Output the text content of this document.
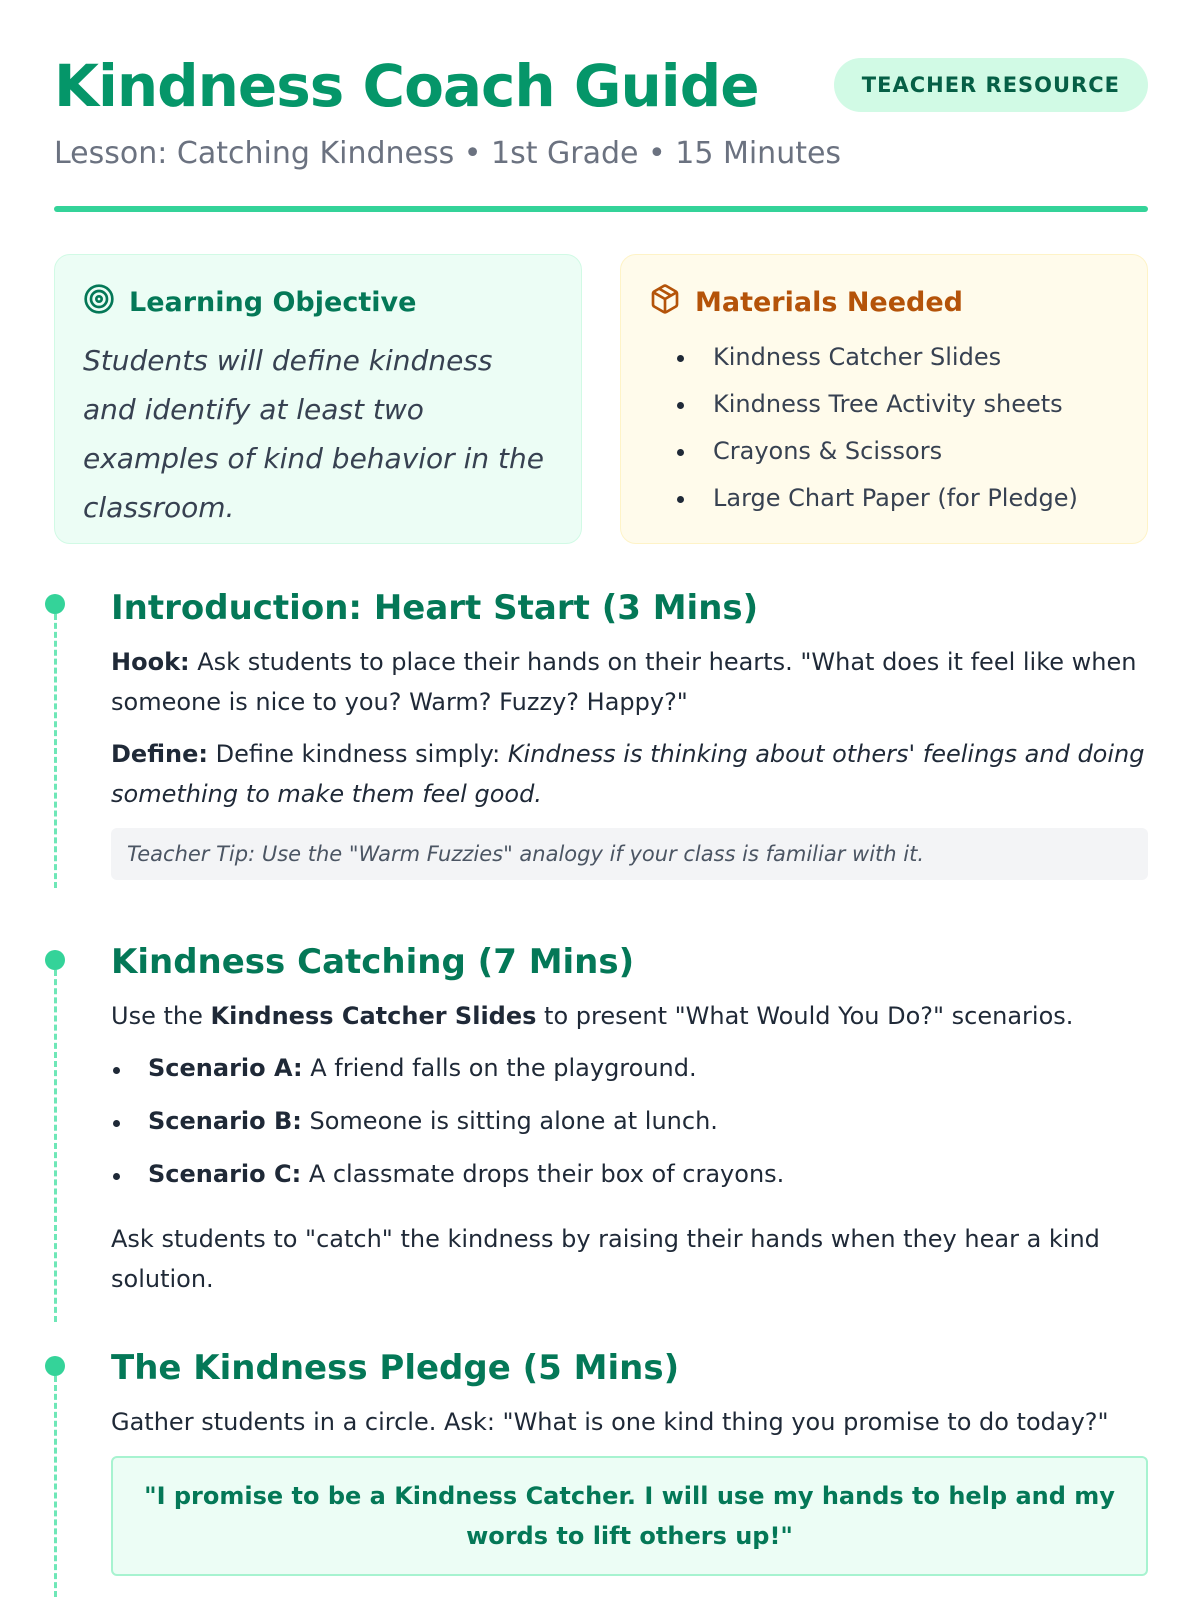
Kindness Coach Guide	TEACHER RESOURCE
Lesson: Catching Kindness • 1st Grade • 15 Minutes
Learning Objective

Students will define kindness and identify at least two examples of kind behavior in the classroom.

Materials Needed
Kindness Catcher Slides
Kindness Tree Activity sheets
Crayons & Scissors
Large Chart Paper (for Pledge)
Introduction: Heart Start (3 Mins)

Hook: Ask students to place their hands on their hearts. "What does it feel like when someone is nice to you? Warm? Fuzzy? Happy?"

Define: Define kindness simply: Kindness is thinking about others' feelings and doing something to make them feel good.

Teacher Tip: Use the "Warm Fuzzies" analogy if your class is familiar with it.
Kindness Catching (7 Mins)

Use the Kindness Catcher Slides to present "What Would You Do?" scenarios.

Scenario A: A friend falls on the playground.
Scenario B: Someone is sitting alone at lunch.
Scenario C: A classmate drops their box of crayons.

Ask students to "catch" the kindness by raising their hands when they hear a kind solution.

The Kindness Pledge (5 Mins)

Gather students in a circle. Ask: "What is one kind thing you promise to do today?"

"I promise to be a Kindness Catcher. I will use my hands to help and my words to lift others up!"
